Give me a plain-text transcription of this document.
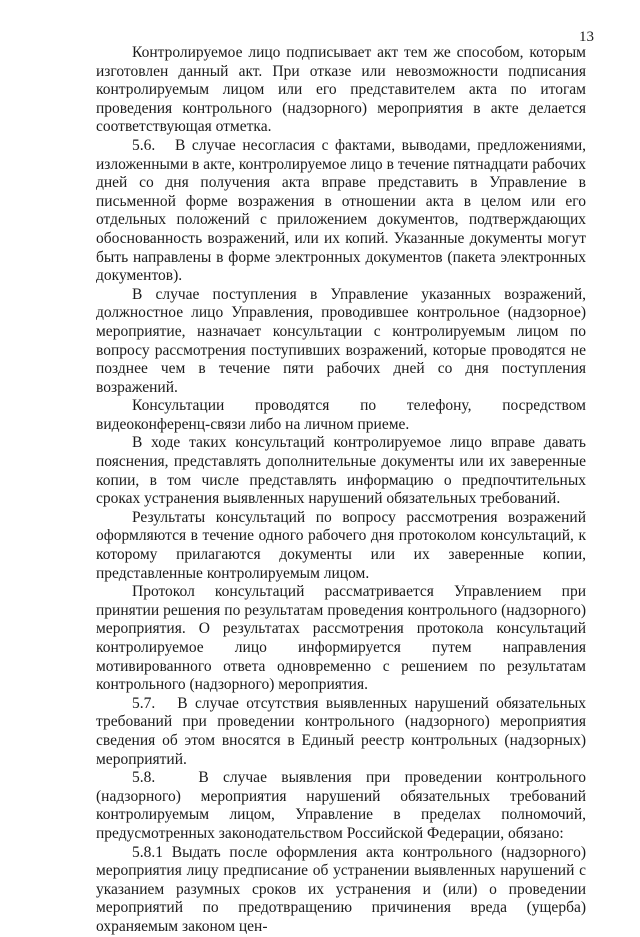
13

Контролируемое лицо подписывает акт тем же способом, которым изготовлен данный акт. При отказе или невозможности подписания контролируемым лицом или его представителем акта по итогам проведения контрольного (надзорного) мероприятия в акте делается соответствующая отметка.

5.6.   В случае несогласия с фактами, выводами, предложениями, изложенными в акте, контролируемое лицо в течение пятнадцати рабочих дней со дня получения акта вправе представить в Управление в письменной форме возражения в отношении акта в целом или его отдельных положений с приложением документов, подтверждающих обоснованность возражений, или их копий. Указанные документы могут быть направлены в форме электронных документов (пакета электронных документов).

В случае поступления в Управление указанных возражений, должностное лицо Управления, проводившее контрольное (надзорное) мероприятие, назначает консультации с контролируемым лицом по вопросу рассмотрения поступивших возражений, которые проводятся не позднее чем в течение пяти рабочих дней со дня поступления возражений.

Консультации проводятся по телефону, посредством видеоконференц-связи либо на личном приеме.

В ходе таких консультаций контролируемое лицо вправе давать пояснения, представлять дополнительные документы или их заверенные копии, в том числе представлять информацию о предпочтительных сроках устранения выявленных нарушений обязательных требований.

Результаты консультаций по вопросу рассмотрения возражений оформляются в течение одного рабочего дня протоколом консультаций, к которому прилагаются документы или их заверенные копии, представленные контролируемым лицом.

Протокол консультаций рассматривается Управлением при принятии решения по результатам проведения контрольного (надзорного) мероприятия. О результатах рассмотрения протокола консультаций контролируемое лицо информируется путем направления мотивированного ответа одновременно с решением по результатам контрольного (надзорного) мероприятия.

5.7.   В случае отсутствия выявленных нарушений обязательных требований при проведении контрольного (надзорного) мероприятия сведения об этом вносятся в Единый реестр контрольных (надзорных) мероприятий.

5.8.   В случае выявления при проведении контрольного (надзорного) мероприятия нарушений обязательных требований контролируемым лицом, Управление в пределах полномочий, предусмотренных законодательством Российской Федерации, обязано:

5.8.1 Выдать после оформления акта контрольного (надзорного) мероприятия лицу предписание об устранении выявленных нарушений с указанием разумных сроков их устранения и (или) о проведении мероприятий по предотвращению причинения вреда (ущерба) охраняемым законом цен-
